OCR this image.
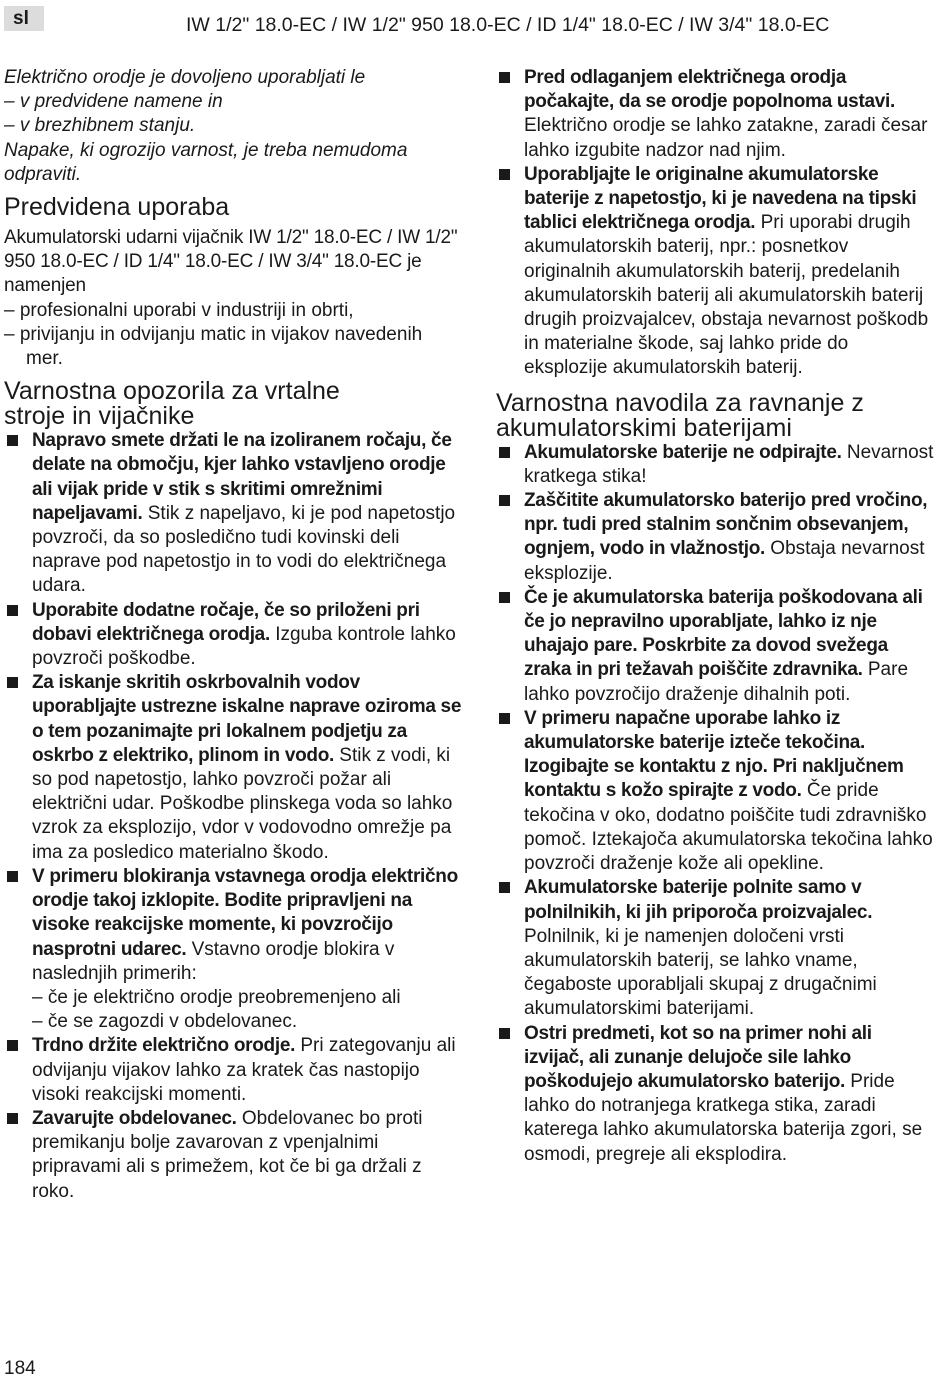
sl	IW 1/2" 18.0-EC / IW 1/2" 950 18.0-EC / ID 1/4" 18.0-EC / IW 3/4" 18.0-EC

Električno orodje je dovoljeno uporabljati le

– v predvidene namene in

– v brezhibnem stanju.

Napake, ki ogrozijo varnost, je treba nemudoma odpraviti.

Predvidena uporaba

Akumulatorski udarni vijačnik IW 1/2" 18.0-EC / IW 1/2" 950 18.0-EC / ID 1/4" 18.0-EC / IW 3/4" 18.0-EC je namenjen

– profesionalni uporabi v industriji in obrti,

– privijanju in odvijanju matic in vijakov navedenih mer.

Varnostna opozorila za vrtalne stroje in vijačnike
Napravo smete držati le na izoliranem ročaju, če delate na območju, kjer lahko vstavljeno orodje ali vijak pride v stik s skritimi omrežnimi napeljavami. Stik z napeljavo, ki je pod napetostjo povzroči, da so posledično tudi kovinski deli naprave pod napetostjo in to vodi do električnega udara.
Uporabite dodatne ročaje, če so priloženi pri dobavi električnega orodja. Izguba kontrole lahko povzroči poškodbe.
Za iskanje skritih oskrbovalnih vodov uporabljajte ustrezne iskalne naprave oziroma se o tem pozanimajte pri lokalnem podjetju za oskrbo z elektriko, plinom in vodo. Stik z vodi, ki so pod napetostjo, lahko povzroči požar ali električni udar. Poškodbe plinskega voda so lahko vzrok za eksplozijo, vdor v vodovodno omrežje pa ima za posledico materialno škodo.
V primeru blokiranja vstavnega orodja električno orodje takoj izklopite. Bodite pripravljeni na visoke reakcijske momente, ki povzročijo nasprotni udarec. Vstavno orodje blokira v naslednjih primerih:

– če je električno orodje preobremenjeno ali

– če se zagozdi v obdelovanec.

Trdno držite električno orodje. Pri zategovanju ali odvijanju vijakov lahko za kratek čas nastopijo visoki reakcijski momenti.
Zavarujte obdelovanec. Obdelovanec bo proti premikanju bolje zavarovan z vpenjalnimi pripravami ali s primežem, kot če bi ga držali z roko.
Pred odlaganjem električnega orodja počakajte, da se orodje popolnoma ustavi. Električno orodje se lahko zatakne, zaradi česar lahko izgubite nadzor nad njim.
Uporabljajte le originalne akumulatorske baterije z napetostjo, ki je navedena na tipski tablici električnega orodja. Pri uporabi drugih akumulatorskih baterij, npr.: posnetkov originalnih akumulatorskih baterij, predelanih akumulatorskih baterij ali akumulatorskih baterij drugih proizvajalcev, obstaja nevarnost poškodb in materialne škode, saj lahko pride do eksplozije akumulatorskih baterij.
Varnostna navodila za ravnanje z akumulatorskimi baterijami
Akumulatorske baterije ne odpirajte. Nevarnost kratkega stika!
Zaščitite akumulatorsko baterijo pred vročino, npr. tudi pred stalnim sončnim obsevanjem, ognjem, vodo in vlažnostjo. Obstaja nevarnost eksplozije.
Če je akumulatorska baterija poškodovana ali če jo nepravilno uporabljate, lahko iz nje uhajajo pare. Poskrbite za dovod svežega zraka in pri težavah poiščite zdravnika. Pare lahko povzročijo draženje dihalnih poti.
V primeru napačne uporabe lahko iz akumulatorske baterije izteče tekočina. Izogibajte se kontaktu z njo. Pri naključnem kontaktu s kožo spirajte z vodo. Če pride tekočina v oko, dodatno poiščite tudi zdravniško pomoč. Iztekajoča akumulatorska tekočina lahko povzroči draženje kože ali opekline.
Akumulatorske baterije polnite samo v polnilnikih, ki jih priporoča proizvajalec. Polnilnik, ki je namenjen določeni vrsti akumulatorskih baterij, se lahko vname, čegaboste uporabljali skupaj z drugačnimi akumulatorskimi baterijami.
Ostri predmeti, kot so na primer nohi ali izvijač, ali zunanje delujoče sile lahko poškodujejo akumulatorsko baterijo. Pride lahko do notranjega kratkega stika, zaradi katerega lahko akumulatorska baterija zgori, se osmodi, pregreje ali eksplodira.
184
